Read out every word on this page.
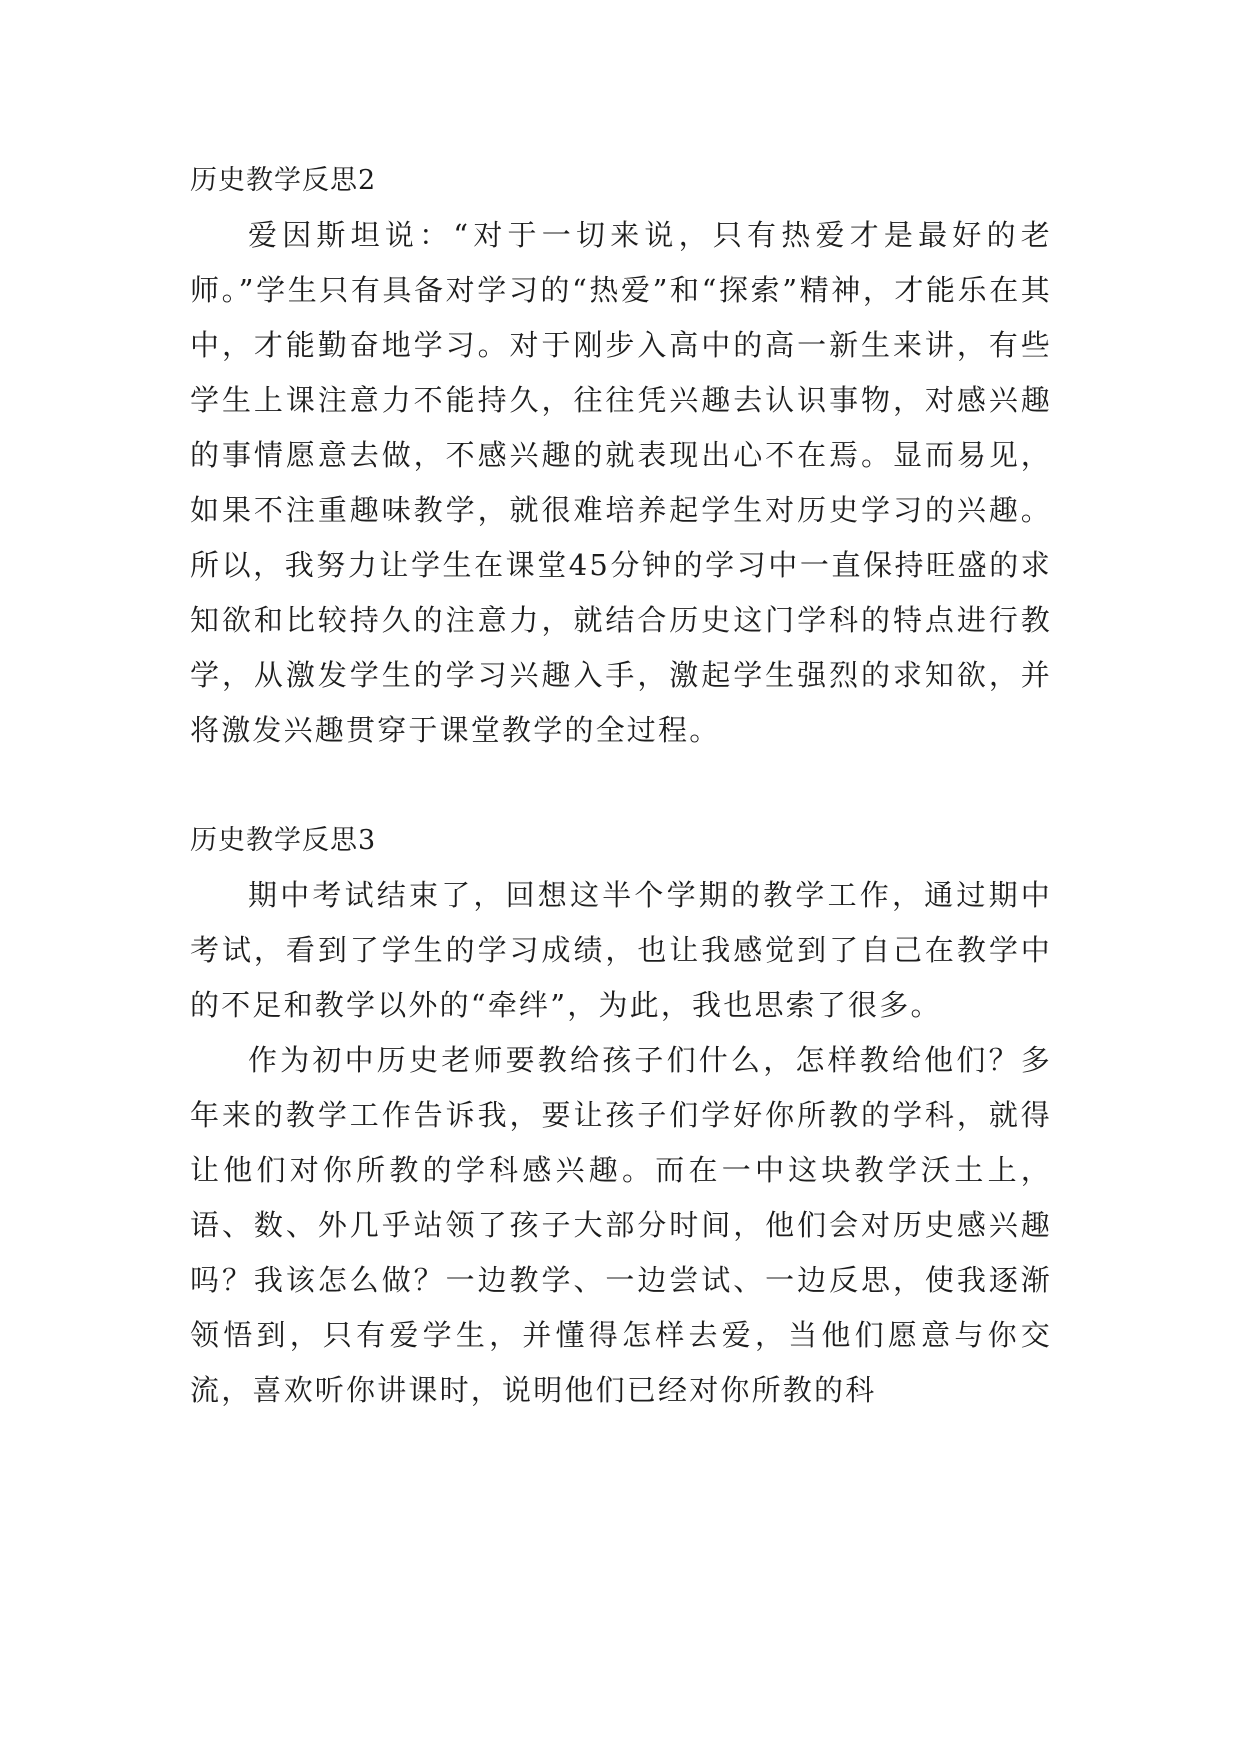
历史教学反思2

爱因斯坦说：“对于一切来说，只有热爱才是最好的老师。”学生只有具备对学习的“热爱”和“探索”精神，才能乐在其中，才能勤奋地学习。对于刚步入高中的高一新生来讲，有些学生上课注意力不能持久，往往凭兴趣去认识事物，对感兴趣的事情愿意去做，不感兴趣的就表现出心不在焉。显而易见，如果不注重趣味教学，就很难培养起学生对历史学习的兴趣。所以，我努力让学生在课堂45分钟的学习中一直保持旺盛的求知欲和比较持久的注意力，就结合历史这门学科的特点进行教学，从激发学生的学习兴趣入手，激起学生强烈的求知欲，并将激发兴趣贯穿于课堂教学的全过程。

历史教学反思3

期中考试结束了，回想这半个学期的教学工作，通过期中考试，看到了学生的学习成绩，也让我感觉到了自己在教学中的不足和教学以外的“牵绊”，为此，我也思索了很多。

作为初中历史老师要教给孩子们什么，怎样教给他们？多年来的教学工作告诉我，要让孩子们学好你所教的学科，就得让他们对你所教的学科感兴趣。而在一中这块教学沃土上，语、数、外几乎站领了孩子大部分时间，他们会对历史感兴趣吗？我该怎么做？一边教学、一边尝试、一边反思，使我逐渐领悟到，只有爱学生，并懂得怎样去爱，当他们愿意与你交流，喜欢听你讲课时，说明他们已经对你所教的科
